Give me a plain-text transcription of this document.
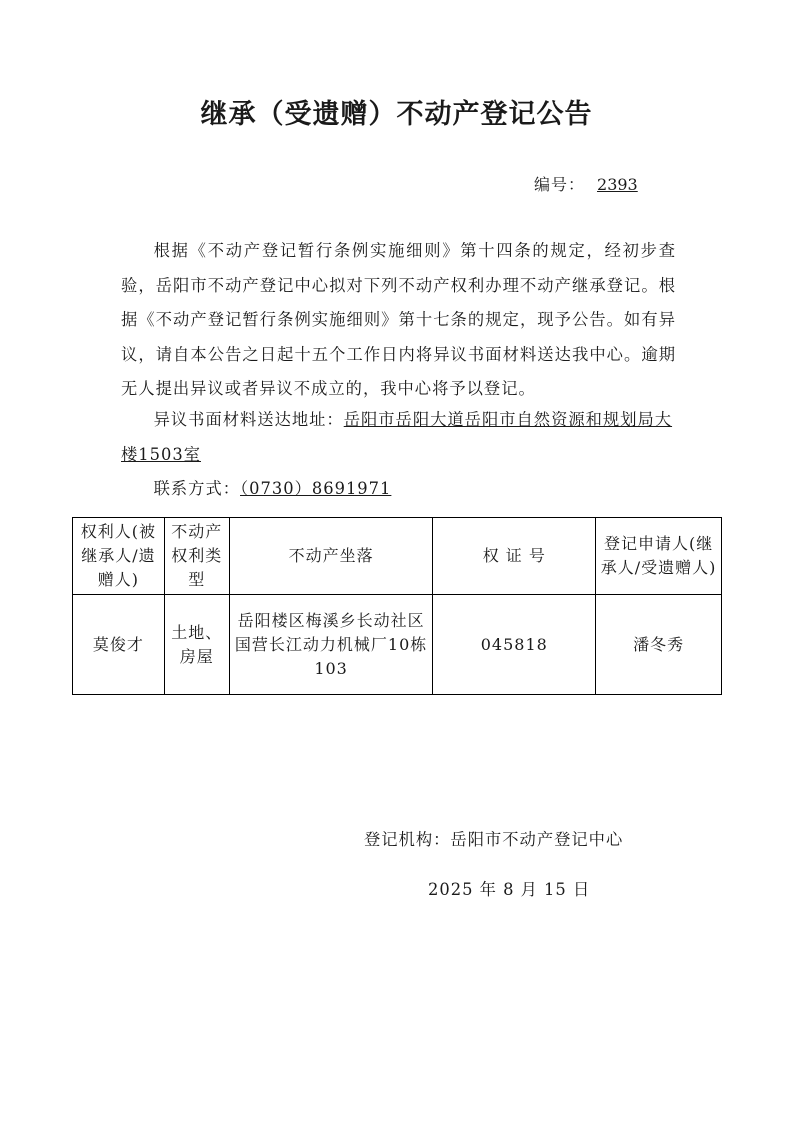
继承（受遗赠）不动产登记公告
编号： 2393

根据《不动产登记暂行条例实施细则》第十四条的规定，经初步查验，岳阳市不动产登记中心拟对下列不动产权利办理不动产继承登记。根据《不动产登记暂行条例实施细则》第十七条的规定，现予公告。如有异议，请自本公告之日起十五个工作日内将异议书面材料送达我中心。逾期无人提出异议或者异议不成立的，我中心将予以登记。

异议书面材料送达地址：岳阳市岳阳大道岳阳市自然资源和规划局大楼1503室
联系方式：（0730）8691971
权利人(被继承人/遗赠人)	不动产权利类型	不动产坐落	权 证 号	登记申请人(继承人/受遗赠人)
莫俊才	土地、房屋	岳阳楼区梅溪乡长动社区国营长江动力机械厂10栋103	045818	潘冬秀
登记机构：岳阳市不动产登记中心
2025 年 8 月 15 日
